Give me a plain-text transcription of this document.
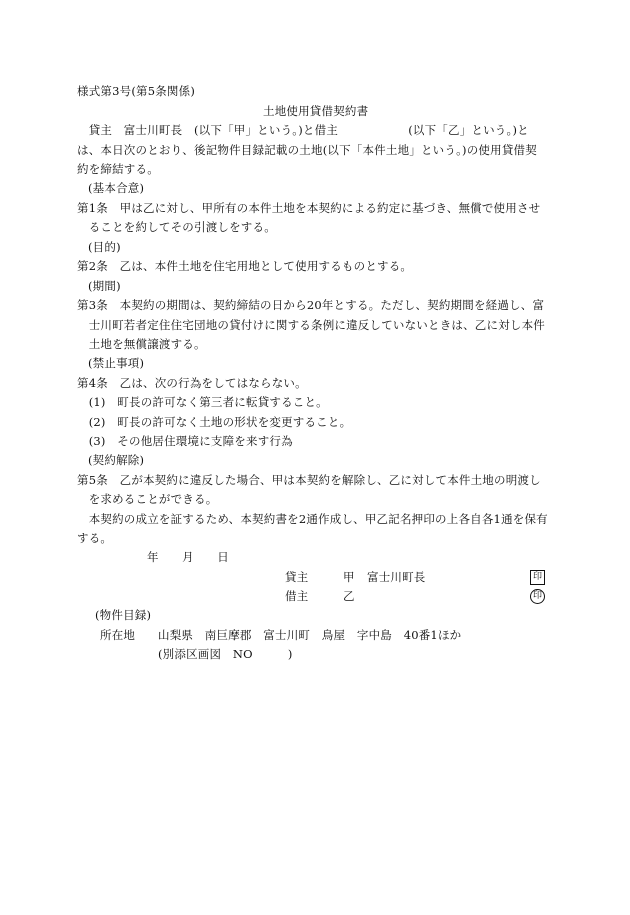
様式第3号(第5条関係)
土地使用貸借契約書
　貸主　富士川町長　(以下「甲」という。)と借主　　　　　　(以下「乙」という。)と
は、本日次のとおり、後記物件目録記載の土地(以下「本件土地」という。)の使用貸借契
約を締結する。
(基本合意)
第1条　甲は乙に対し、甲所有の本件土地を本契約による約定に基づき、無償で使用させ
　ることを約してその引渡しをする。
(目的)
第2条　乙は、本件土地を住宅用地として使用するものとする。
(期間)
第3条　本契約の期間は、契約締結の日から20年とする。ただし、契約期間を経過し、富
　士川町若者定住住宅団地の貸付けに関する条例に違反していないときは、乙に対し本件
　土地を無償譲渡する。
(禁止事項)
第4条　乙は、次の行為をしてはならない。
　(1)　町長の許可なく第三者に転貸すること。
　(2)　町長の許可なく土地の形状を変更すること。
　(3)　その他居住環境に支障を来す行為
(契約解除)
第5条　乙が本契約に違反した場合、甲は本契約を解除し、乙に対して本件土地の明渡し
　を求めることができる。
　本契約の成立を証するため、本契約書を2通作成し、甲乙記名押印の上各自各1通を保有
する。
年　　月　　日
貸主	甲 富士川町長	印
借主	乙	印
(物件目録)
所在地 山梨県　南巨摩郡　富士川町　鳥屋　字中島　40番1ほか
(別添区画図　NO　　　)
